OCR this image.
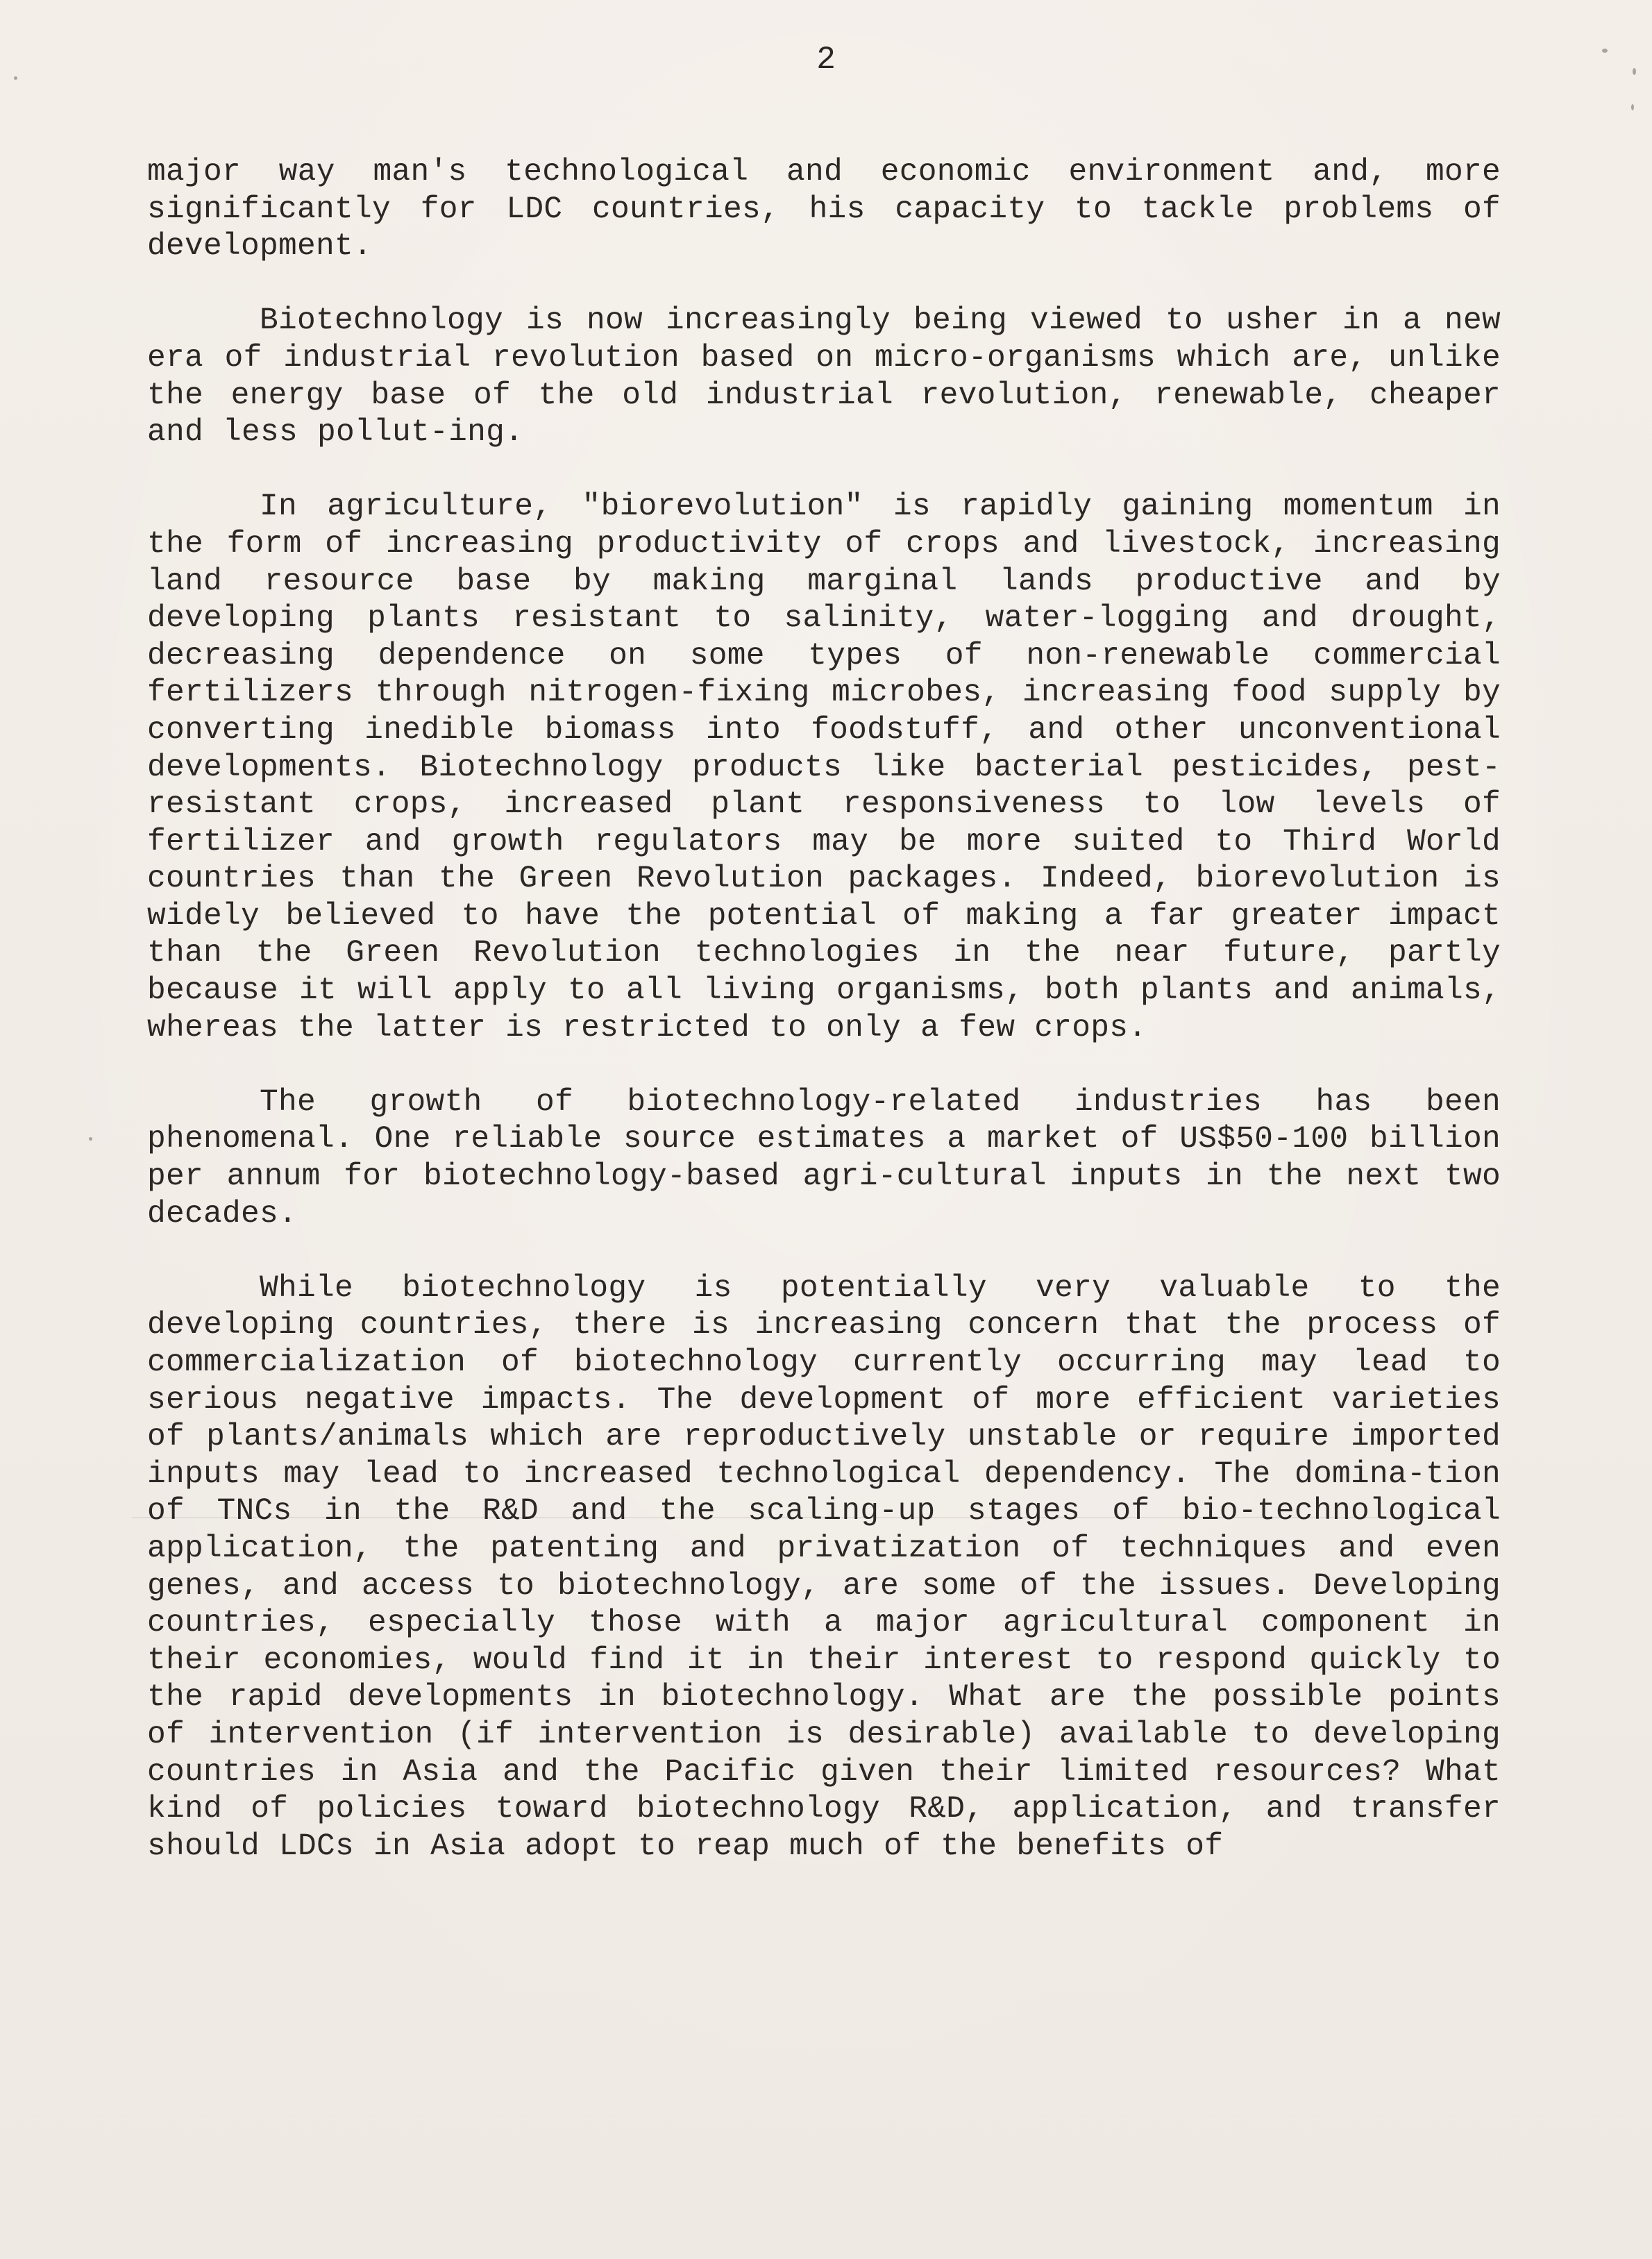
2

major way man's technological and economic environment and, more significantly for LDC countries, his capacity to tackle problems of development.

Biotechnology is now increasingly being viewed to usher in a new era of industrial revolution based on micro-organisms which are, unlike the energy base of the old industrial revolution, renewable, cheaper and less pollut-ing.

In agriculture, "biorevolution" is rapidly gaining momentum in the form of increasing productivity of crops and livestock, increasing land resource base by making marginal lands productive and by developing plants resistant to salinity, water-logging and drought, decreasing dependence on some types of non-renewable commercial fertilizers through nitrogen-fixing microbes, increasing food supply by converting inedible biomass into foodstuff, and other unconventional developments. Biotechnology products like bacterial pesticides, pest-resistant crops, increased plant responsiveness to low levels of fertilizer and growth regulators may be more suited to Third World countries than the Green Revolution packages. Indeed, biorevolution is widely believed to have the potential of making a far greater impact than the Green Revolution technologies in the near future, partly because it will apply to all living organisms, both plants and animals, whereas the latter is restricted to only a few crops.

The growth of biotechnology-related industries has been phenomenal. One reliable source estimates a market of US$50-100 billion per annum for biotechnology-based agri-cultural inputs in the next two decades.

While biotechnology is potentially very valuable to the developing countries, there is increasing concern that the process of commercialization of biotechnology currently occurring may lead to serious negative impacts. The development of more efficient varieties of plants/animals which are reproductively unstable or require imported inputs may lead to increased technological dependency. The domina-tion of TNCs in the R&D and the scaling-up stages of bio-technological application, the patenting and privatization of techniques and even genes, and access to biotechnology, are some of the issues. Developing countries, especially those with a major agricultural component in their economies, would find it in their interest to respond quickly to the rapid developments in biotechnology. What are the possible points of intervention (if intervention is desirable) available to developing countries in Asia and the Pacific given their limited resources? What kind of policies toward biotechnology R&D, application, and transfer should LDCs in Asia adopt to reap much of the benefits of
